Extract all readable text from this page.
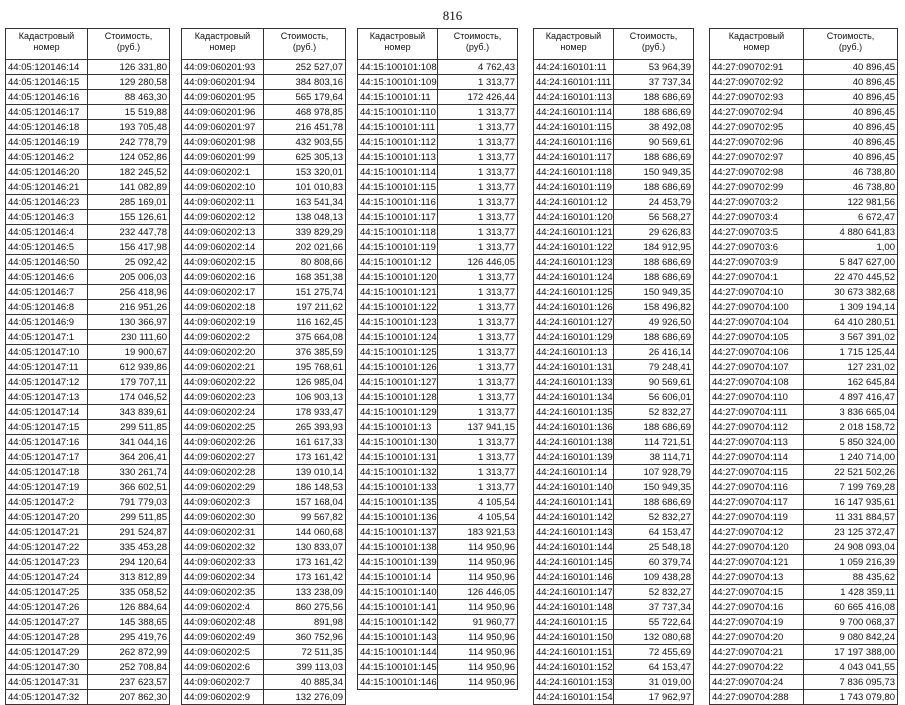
816
Кадастровый
номер	Стоимость,
(руб.)
44:05:120146:14	126 331,80
44:05:120146:15	129 280,58
44:05:120146:16	88 463,30
44:05:120146:17	15 519,88
44:05:120146:18	193 705,48
44:05:120146:19	242 778,79
44:05:120146:2	124 052,86
44:05:120146:20	182 245,52
44:05:120146:21	141 082,89
44:05:120146:23	285 169,01
44:05:120146:3	155 126,61
44:05:120146:4	232 447,78
44:05:120146:5	156 417,98
44:05:120146:50	25 092,42
44:05:120146:6	205 006,03
44:05:120146:7	256 418,96
44:05:120146:8	216 951,26
44:05:120146:9	130 366,97
44:05:120147:1	230 111,60
44:05:120147:10	19 900,67
44:05:120147:11	612 939,86
44:05:120147:12	179 707,11
44:05:120147:13	174 046,52
44:05:120147:14	343 839,61
44:05:120147:15	299 511,85
44:05:120147:16	341 044,16
44:05:120147:17	364 206,41
44:05:120147:18	330 261,74
44:05:120147:19	366 602,51
44:05:120147:2	791 779,03
44:05:120147:20	299 511,85
44:05:120147:21	291 524,87
44:05:120147:22	335 453,28
44:05:120147:23	294 120,64
44:05:120147:24	313 812,89
44:05:120147:25	335 058,52
44:05:120147:26	126 884,64
44:05:120147:27	145 388,65
44:05:120147:28	295 419,76
44:05:120147:29	262 872,99
44:05:120147:30	252 708,84
44:05:120147:31	237 623,57
44:05:120147:32	207 862,30
Кадастровый
номер	Стоимость,
(руб.)
44:09:060201:93	252 527,07
44:09:060201:94	384 803,16
44:09:060201:95	565 179,64
44:09:060201:96	468 978,85
44:09:060201:97	216 451,78
44:09:060201:98	432 903,55
44:09:060201:99	625 305,13
44:09:060202:1	153 320,01
44:09:060202:10	101 010,83
44:09:060202:11	163 541,34
44:09:060202:12	138 048,13
44:09:060202:13	339 829,29
44:09:060202:14	202 021,66
44:09:060202:15	80 808,66
44:09:060202:16	168 351,38
44:09:060202:17	151 275,74
44:09:060202:18	197 211,62
44:09:060202:19	116 162,45
44:09:060202:2	375 664,08
44:09:060202:20	376 385,59
44:09:060202:21	195 768,61
44:09:060202:22	126 985,04
44:09:060202:23	106 903,13
44:09:060202:24	178 933,47
44:09:060202:25	265 393,93
44:09:060202:26	161 617,33
44:09:060202:27	173 161,42
44:09:060202:28	139 010,14
44:09:060202:29	186 148,53
44:09:060202:3	157 168,04
44:09:060202:30	99 567,82
44:09:060202:31	144 060,68
44:09:060202:32	130 833,07
44:09:060202:33	173 161,42
44:09:060202:34	173 161,42
44:09:060202:35	133 238,09
44:09:060202:4	860 275,56
44:09:060202:48	891,98
44:09:060202:49	360 752,96
44:09:060202:5	72 511,35
44:09:060202:6	399 113,03
44:09:060202:7	40 885,34
44:09:060202:9	132 276,09
Кадастровый
номер	Стоимость,
(руб.)
44:15:100101:108	4 762,43
44:15:100101:109	1 313,77
44:15:100101:11	172 426,44
44:15:100101:110	1 313,77
44:15:100101:111	1 313,77
44:15:100101:112	1 313,77
44:15:100101:113	1 313,77
44:15:100101:114	1 313,77
44:15:100101:115	1 313,77
44:15:100101:116	1 313,77
44:15:100101:117	1 313,77
44:15:100101:118	1 313,77
44:15:100101:119	1 313,77
44:15:100101:12	126 446,05
44:15:100101:120	1 313,77
44:15:100101:121	1 313,77
44:15:100101:122	1 313,77
44:15:100101:123	1 313,77
44:15:100101:124	1 313,77
44:15:100101:125	1 313,77
44:15:100101:126	1 313,77
44:15:100101:127	1 313,77
44:15:100101:128	1 313,77
44:15:100101:129	1 313,77
44:15:100101:13	137 941,15
44:15:100101:130	1 313,77
44:15:100101:131	1 313,77
44:15:100101:132	1 313,77
44:15:100101:133	1 313,77
44:15:100101:135	4 105,54
44:15:100101:136	4 105,54
44:15:100101:137	183 921,53
44:15:100101:138	114 950,96
44:15:100101:139	114 950,96
44:15:100101:14	114 950,96
44:15:100101:140	126 446,05
44:15:100101:141	114 950,96
44:15:100101:142	91 960,77
44:15:100101:143	114 950,96
44:15:100101:144	114 950,96
44:15:100101:145	114 950,96
44:15:100101:146	114 950,96
Кадастровый
номер	Стоимость,
(руб.)
44:24:160101:11	53 964,39
44:24:160101:111	37 737,34
44:24:160101:113	188 686,69
44:24:160101:114	188 686,69
44:24:160101:115	38 492,08
44:24:160101:116	90 569,61
44:24:160101:117	188 686,69
44:24:160101:118	150 949,35
44:24:160101:119	188 686,69
44:24:160101:12	24 453,79
44:24:160101:120	56 568,27
44:24:160101:121	29 626,83
44:24:160101:122	184 912,95
44:24:160101:123	188 686,69
44:24:160101:124	188 686,69
44:24:160101:125	150 949,35
44:24:160101:126	158 496,82
44:24:160101:127	49 926,50
44:24:160101:129	188 686,69
44:24:160101:13	26 416,14
44:24:160101:131	79 248,41
44:24:160101:133	90 569,61
44:24:160101:134	56 606,01
44:24:160101:135	52 832,27
44:24:160101:136	188 686,69
44:24:160101:138	114 721,51
44:24:160101:139	38 114,71
44:24:160101:14	107 928,79
44:24:160101:140	150 949,35
44:24:160101:141	188 686,69
44:24:160101:142	52 832,27
44:24:160101:143	64 153,47
44:24:160101:144	25 548,18
44:24:160101:145	60 379,74
44:24:160101:146	109 438,28
44:24:160101:147	52 832,27
44:24:160101:148	37 737,34
44:24:160101:15	55 722,64
44:24:160101:150	132 080,68
44:24:160101:151	72 455,69
44:24:160101:152	64 153,47
44:24:160101:153	31 019,00
44:24:160101:154	17 962,97
Кадастровый
номер	Стоимость,
(руб.)
44:27:090702:91	40 896,45
44:27:090702:92	40 896,45
44:27:090702:93	40 896,45
44:27:090702:94	40 896,45
44:27:090702:95	40 896,45
44:27:090702:96	40 896,45
44:27:090702:97	40 896,45
44:27:090702:98	46 738,80
44:27:090702:99	46 738,80
44:27:090703:2	122 981,56
44:27:090703:4	6 672,47
44:27:090703:5	4 880 641,83
44:27:090703:6	1,00
44:27:090703:9	5 847 627,00
44:27:090704:1	22 470 445,52
44:27:090704:10	30 673 382,68
44:27:090704:100	1 309 194,14
44:27:090704:104	64 410 280,51
44:27:090704:105	3 567 391,02
44:27:090704:106	1 715 125,44
44:27:090704:107	127 231,02
44:27:090704:108	162 645,84
44:27:090704:110	4 897 416,47
44:27:090704:111	3 836 665,04
44:27:090704:112	2 018 158,72
44:27:090704:113	5 850 324,00
44:27:090704:114	1 240 714,00
44:27:090704:115	22 521 502,26
44:27:090704:116	7 199 769,28
44:27:090704:117	16 147 935,61
44:27:090704:119	11 331 884,57
44:27:090704:12	23 125 372,47
44:27:090704:120	24 908 093,04
44:27:090704:121	1 059 216,39
44:27:090704:13	88 435,62
44:27:090704:15	1 428 359,11
44:27:090704:16	60 665 416,08
44:27:090704:19	9 700 068,37
44:27:090704:20	9 080 842,24
44:27:090704:21	17 197 388,00
44:27:090704:22	4 043 041,55
44:27:090704:24	7 836 095,73
44:27:090704:288	1 743 079,80
